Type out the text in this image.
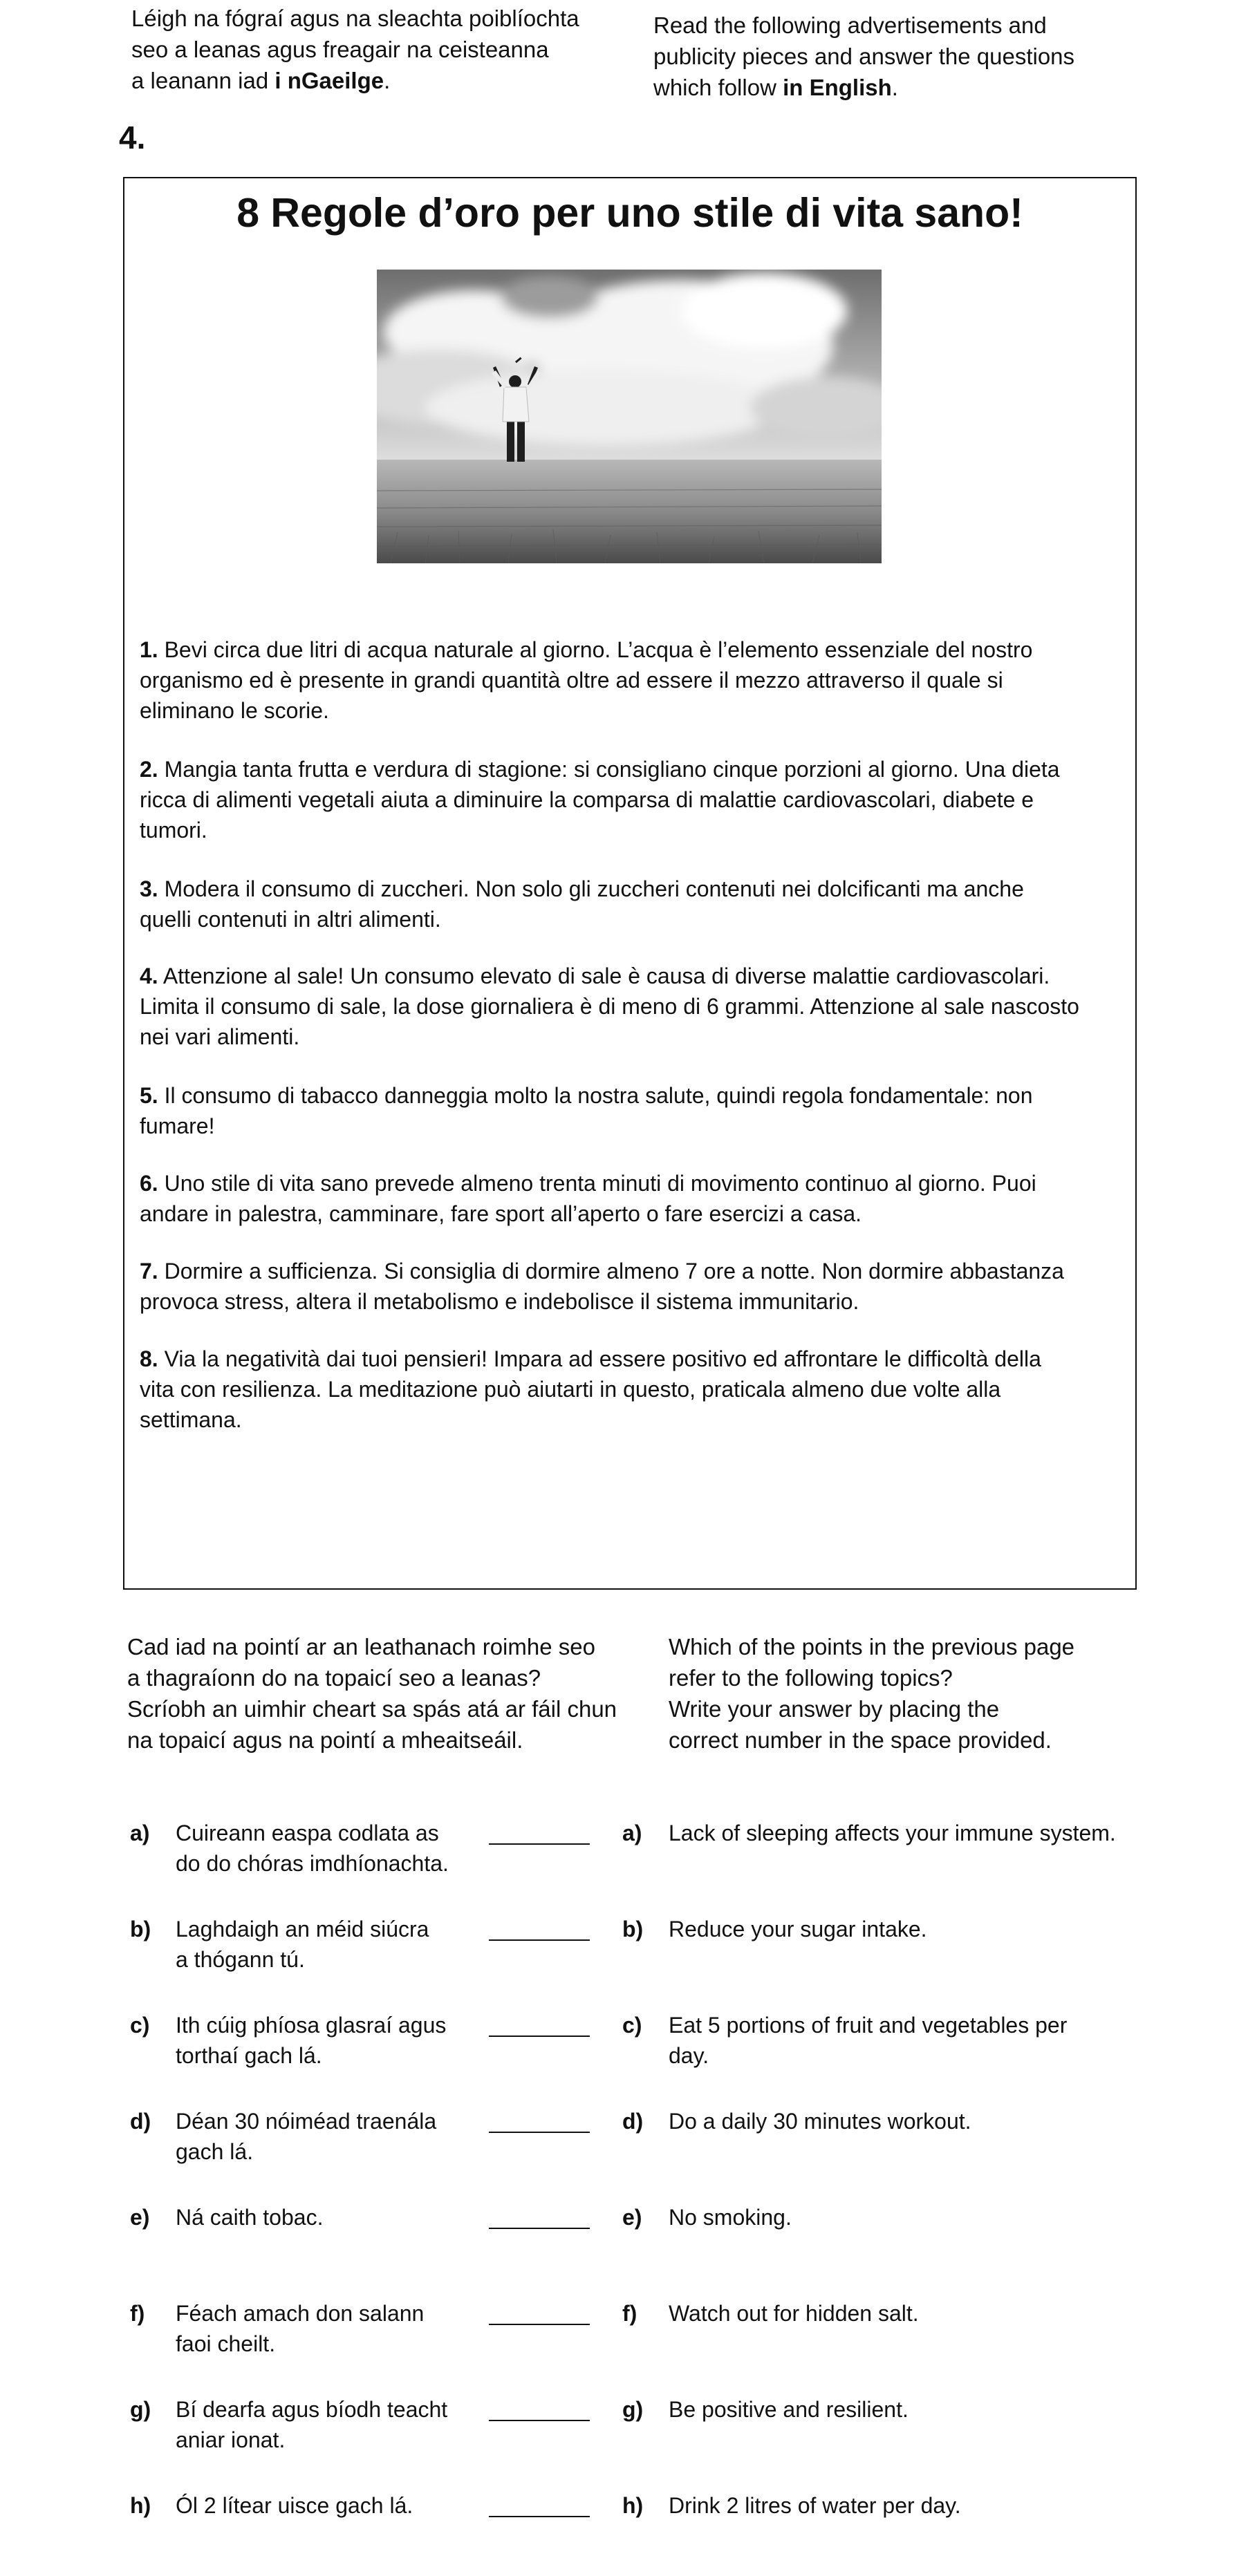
Léigh na fógraí agus na sleachta poiblíochta
seo a leanas agus freagair na ceisteanna
a leanann iad i nGaeilge.
Read the following advertisements and
publicity pieces and answer the questions
which follow in English.
4.
8 Regole d’oro per uno stile di vita sano!
1. Bevi circa due litri di acqua naturale al giorno. L’acqua è l’elemento essenziale del nostro
organismo ed è presente in grandi quantità oltre ad essere il mezzo attraverso il quale si
eliminano le scorie.
2. Mangia tanta frutta e verdura di stagione: si consigliano cinque porzioni al giorno. Una dieta
ricca di alimenti vegetali aiuta a diminuire la comparsa di malattie cardiovascolari, diabete e
tumori.
3. Modera il consumo di zuccheri. Non solo gli zuccheri contenuti nei dolcificanti ma anche
quelli contenuti in altri alimenti.
4. Attenzione al sale! Un consumo elevato di sale è causa di diverse malattie cardiovascolari.
Limita il consumo di sale, la dose giornaliera è di meno di 6 grammi. Attenzione al sale nascosto
nei vari alimenti.
5. Il consumo di tabacco danneggia molto la nostra salute, quindi regola fondamentale: non
fumare!
6. Uno stile di vita sano prevede almeno trenta minuti di movimento continuo al giorno. Puoi
andare in palestra, camminare, fare sport all’aperto o fare esercizi a casa.
7. Dormire a sufficienza. Si consiglia di dormire almeno 7 ore a notte. Non dormire abbastanza
provoca stress, altera il metabolismo e indebolisce il sistema immunitario.
8. Via la negatività dai tuoi pensieri! Impara ad essere positivo ed affrontare le difficoltà della
vita con resilienza. La meditazione può aiutarti in questo, praticala almeno due volte alla
settimana.
Cad iad na pointí ar an leathanach roimhe seo
a thagraíonn do na topaicí seo a leanas?
Scríobh an uimhir cheart sa spás atá ar fáil chun
na topaicí agus na pointí a mheaitseáil.
Which of the points in the previous page
refer to the following topics?
Write your answer by placing the
correct number in the space provided.
a) Cuireann easpa codlata as
do do chóras imdhíonachta.
a) Lack of sleeping affects your immune system.
b) Laghdaigh an méid siúcra
a thógann tú.
b) Reduce your sugar intake.
c) Ith cúig phíosa glasraí agus
torthaí gach lá.
c) Eat 5 portions of fruit and vegetables per
day.
d) Déan 30 nóiméad traenála
gach lá.
d) Do a daily 30 minutes workout.
e) Ná caith tobac.	e) No smoking.
f) Féach amach don salann
faoi cheilt.
f) Watch out for hidden salt.
g) Bí dearfa agus bíodh teacht
aniar ionat.
g) Be positive and resilient.
h) Ól 2 lítear uisce gach lá.	h) Drink 2 litres of water per day.
